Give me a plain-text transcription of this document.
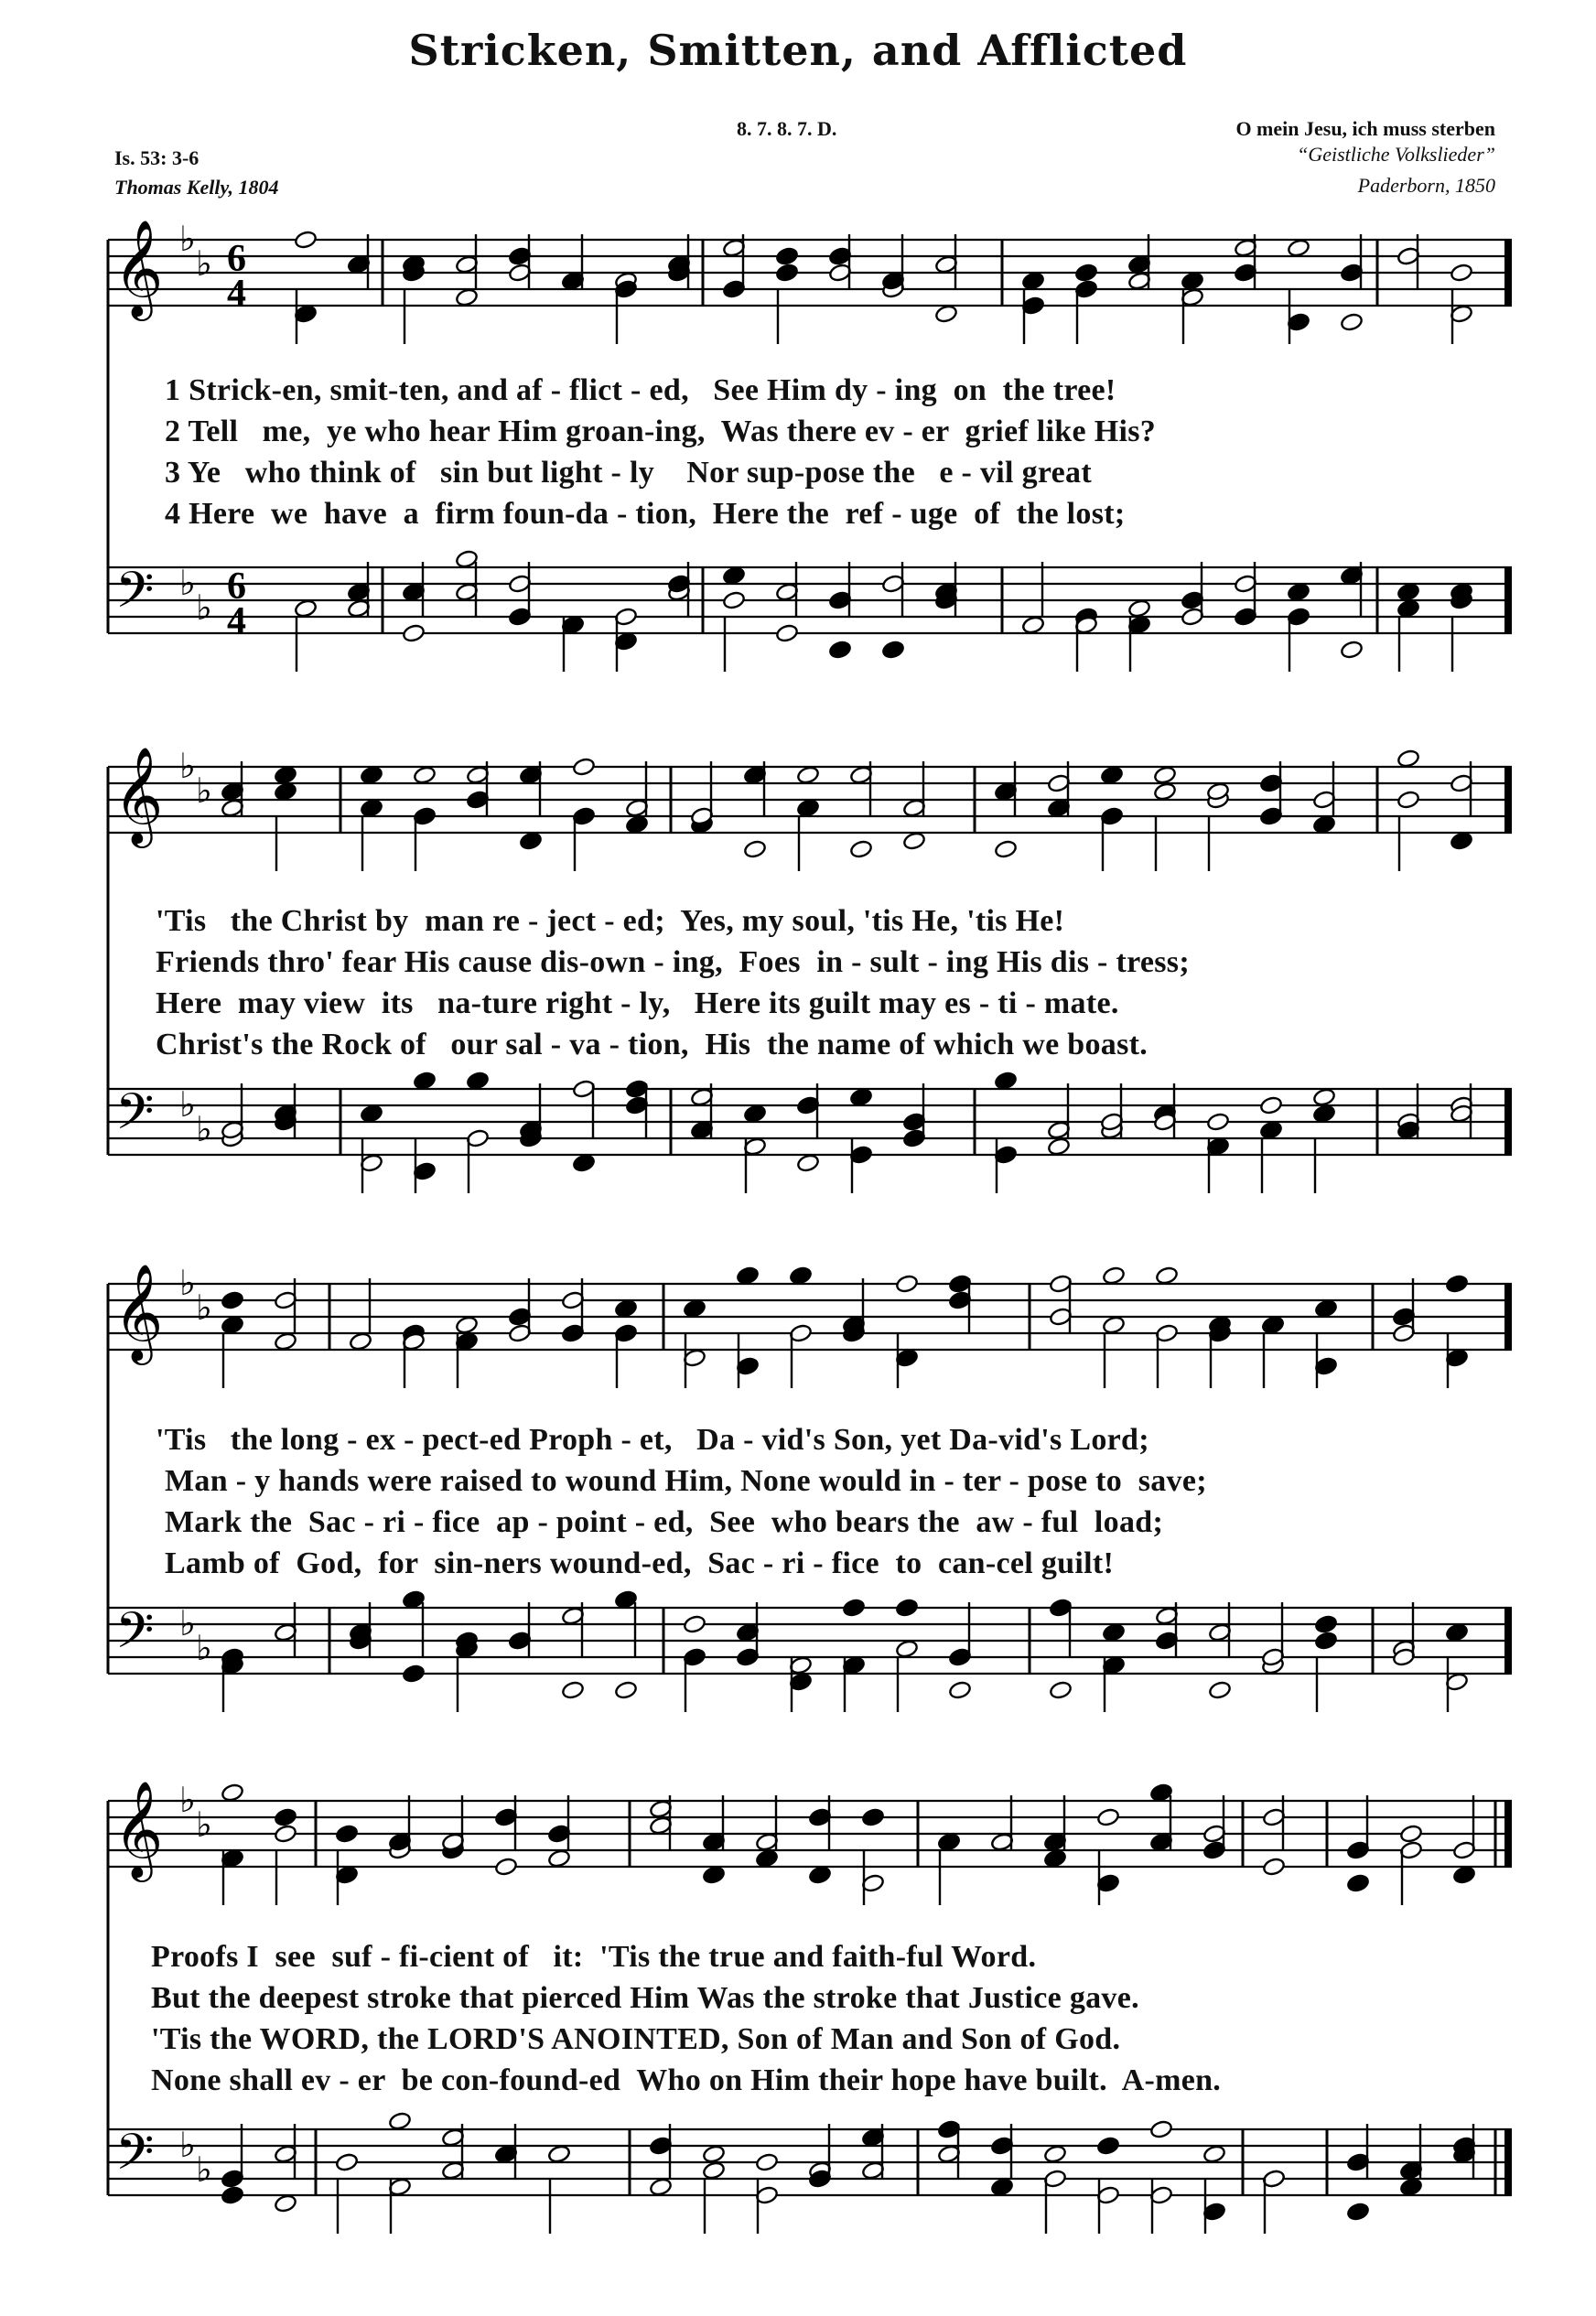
Stricken, Smitten, and Afflicted
8. 7. 8. 7. D.	O mein Jesu, ich muss sterben
“Geistliche Volkslieder”
Paderborn, 1850
Is. 53: 3-6
Thomas Kelly, 1804
𝄞
𝄢
♭
♭
♭
♭
6
4
6
4
𝄞
𝄢
♭
♭
♭
♭
𝄞
𝄢
♭
♭
♭
♭
𝄞
𝄢
♭
♭
♭
♭
1 Strick-en, smit-ten, and af - flict - ed,   See Him dy - ing  on  the tree!
2 Tell   me,  ye who hear Him groan-ing,  Was there ev - er  grief like His?
3 Ye   who think of   sin but light - ly    Nor sup-pose the   e - vil great
4 Here  we  have  a  firm foun-da - tion,  Here the  ref - uge  of  the lost;
'Tis   the Christ by  man re - ject - ed;  Yes, my soul, 'tis He, 'tis He!
Friends thro' fear His cause dis-own - ing,  Foes  in - sult - ing His dis - tress;
Here  may view  its   na-ture right - ly,   Here its guilt may es - ti - mate.
Christ's the Rock of   our sal - va - tion,  His  the name of which we boast.
'Tis   the long - ex - pect-ed Proph - et,   Da - vid's Son, yet Da-vid's Lord;
Man - y hands were raised to wound Him, None would in - ter - pose to  save;
Mark the  Sac - ri - fice  ap - point - ed,  See  who bears the  aw - ful  load;
Lamb of  God,  for  sin-ners wound-ed,  Sac - ri - fice  to  can-cel guilt!
Proofs I  see  suf - fi-cient of   it:  'Tis the true and faith-ful Word.
But the deepest stroke that pierced Him Was the stroke that Justice gave.
'Tis the WORD, the LORD'S ANOINTED, Son of Man and Son of God.
None shall ev - er  be con-found-ed  Who on Him their hope have built.  A-men.
